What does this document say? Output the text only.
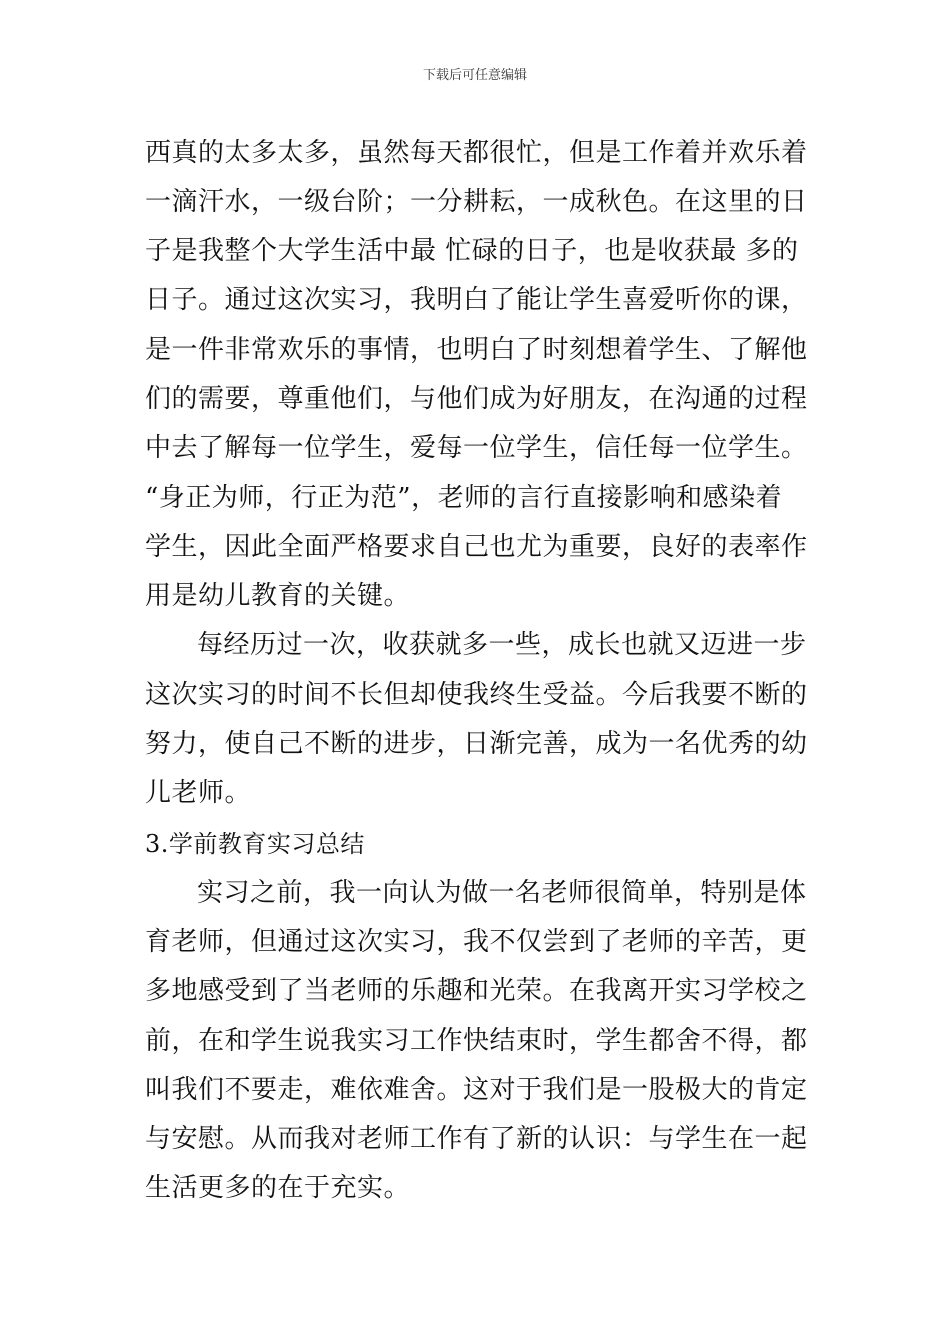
下载后可任意编辑
西真的太多太多，虽然每天都很忙，但是工作着并欢乐着
一滴汗水，一级台阶；一分耕耘，一成秋色。在这里的日
子是我整个大学生活中最 忙碌的日子，也是收获最 多的
日子。通过这次实习，我明白了能让学生喜爱听你的课，
是一件非常欢乐的事情，也明白了时刻想着学生、了解他
们的需要，尊重他们，与他们成为好朋友，在沟通的过程
中去了解每一位学生，爱每一位学生，信任每一位学生。
“身正为师，行正为范”，老师的言行直接影响和感染着
学生，因此全面严格要求自己也尤为重要，良好的表率作
用是幼儿教育的关键。
每经历过一次，收获就多一些，成长也就又迈进一步
这次实习的时间不长但却使我终生受益。今后我要不断的
努力，使自己不断的进步，日渐完善，成为一名优秀的幼
儿老师。
3.学前教育实习总结
实习之前，我一向认为做一名老师很简单，特别是体
育老师，但通过这次实习，我不仅尝到了老师的辛苦，更
多地感受到了当老师的乐趣和光荣。在我离开实习学校之
前，在和学生说我实习工作快结束时，学生都舍不得，都
叫我们不要走，难依难舍。这对于我们是一股极大的肯定
与安慰。从而我对老师工作有了新的认识：与学生在一起
生活更多的在于充实。
